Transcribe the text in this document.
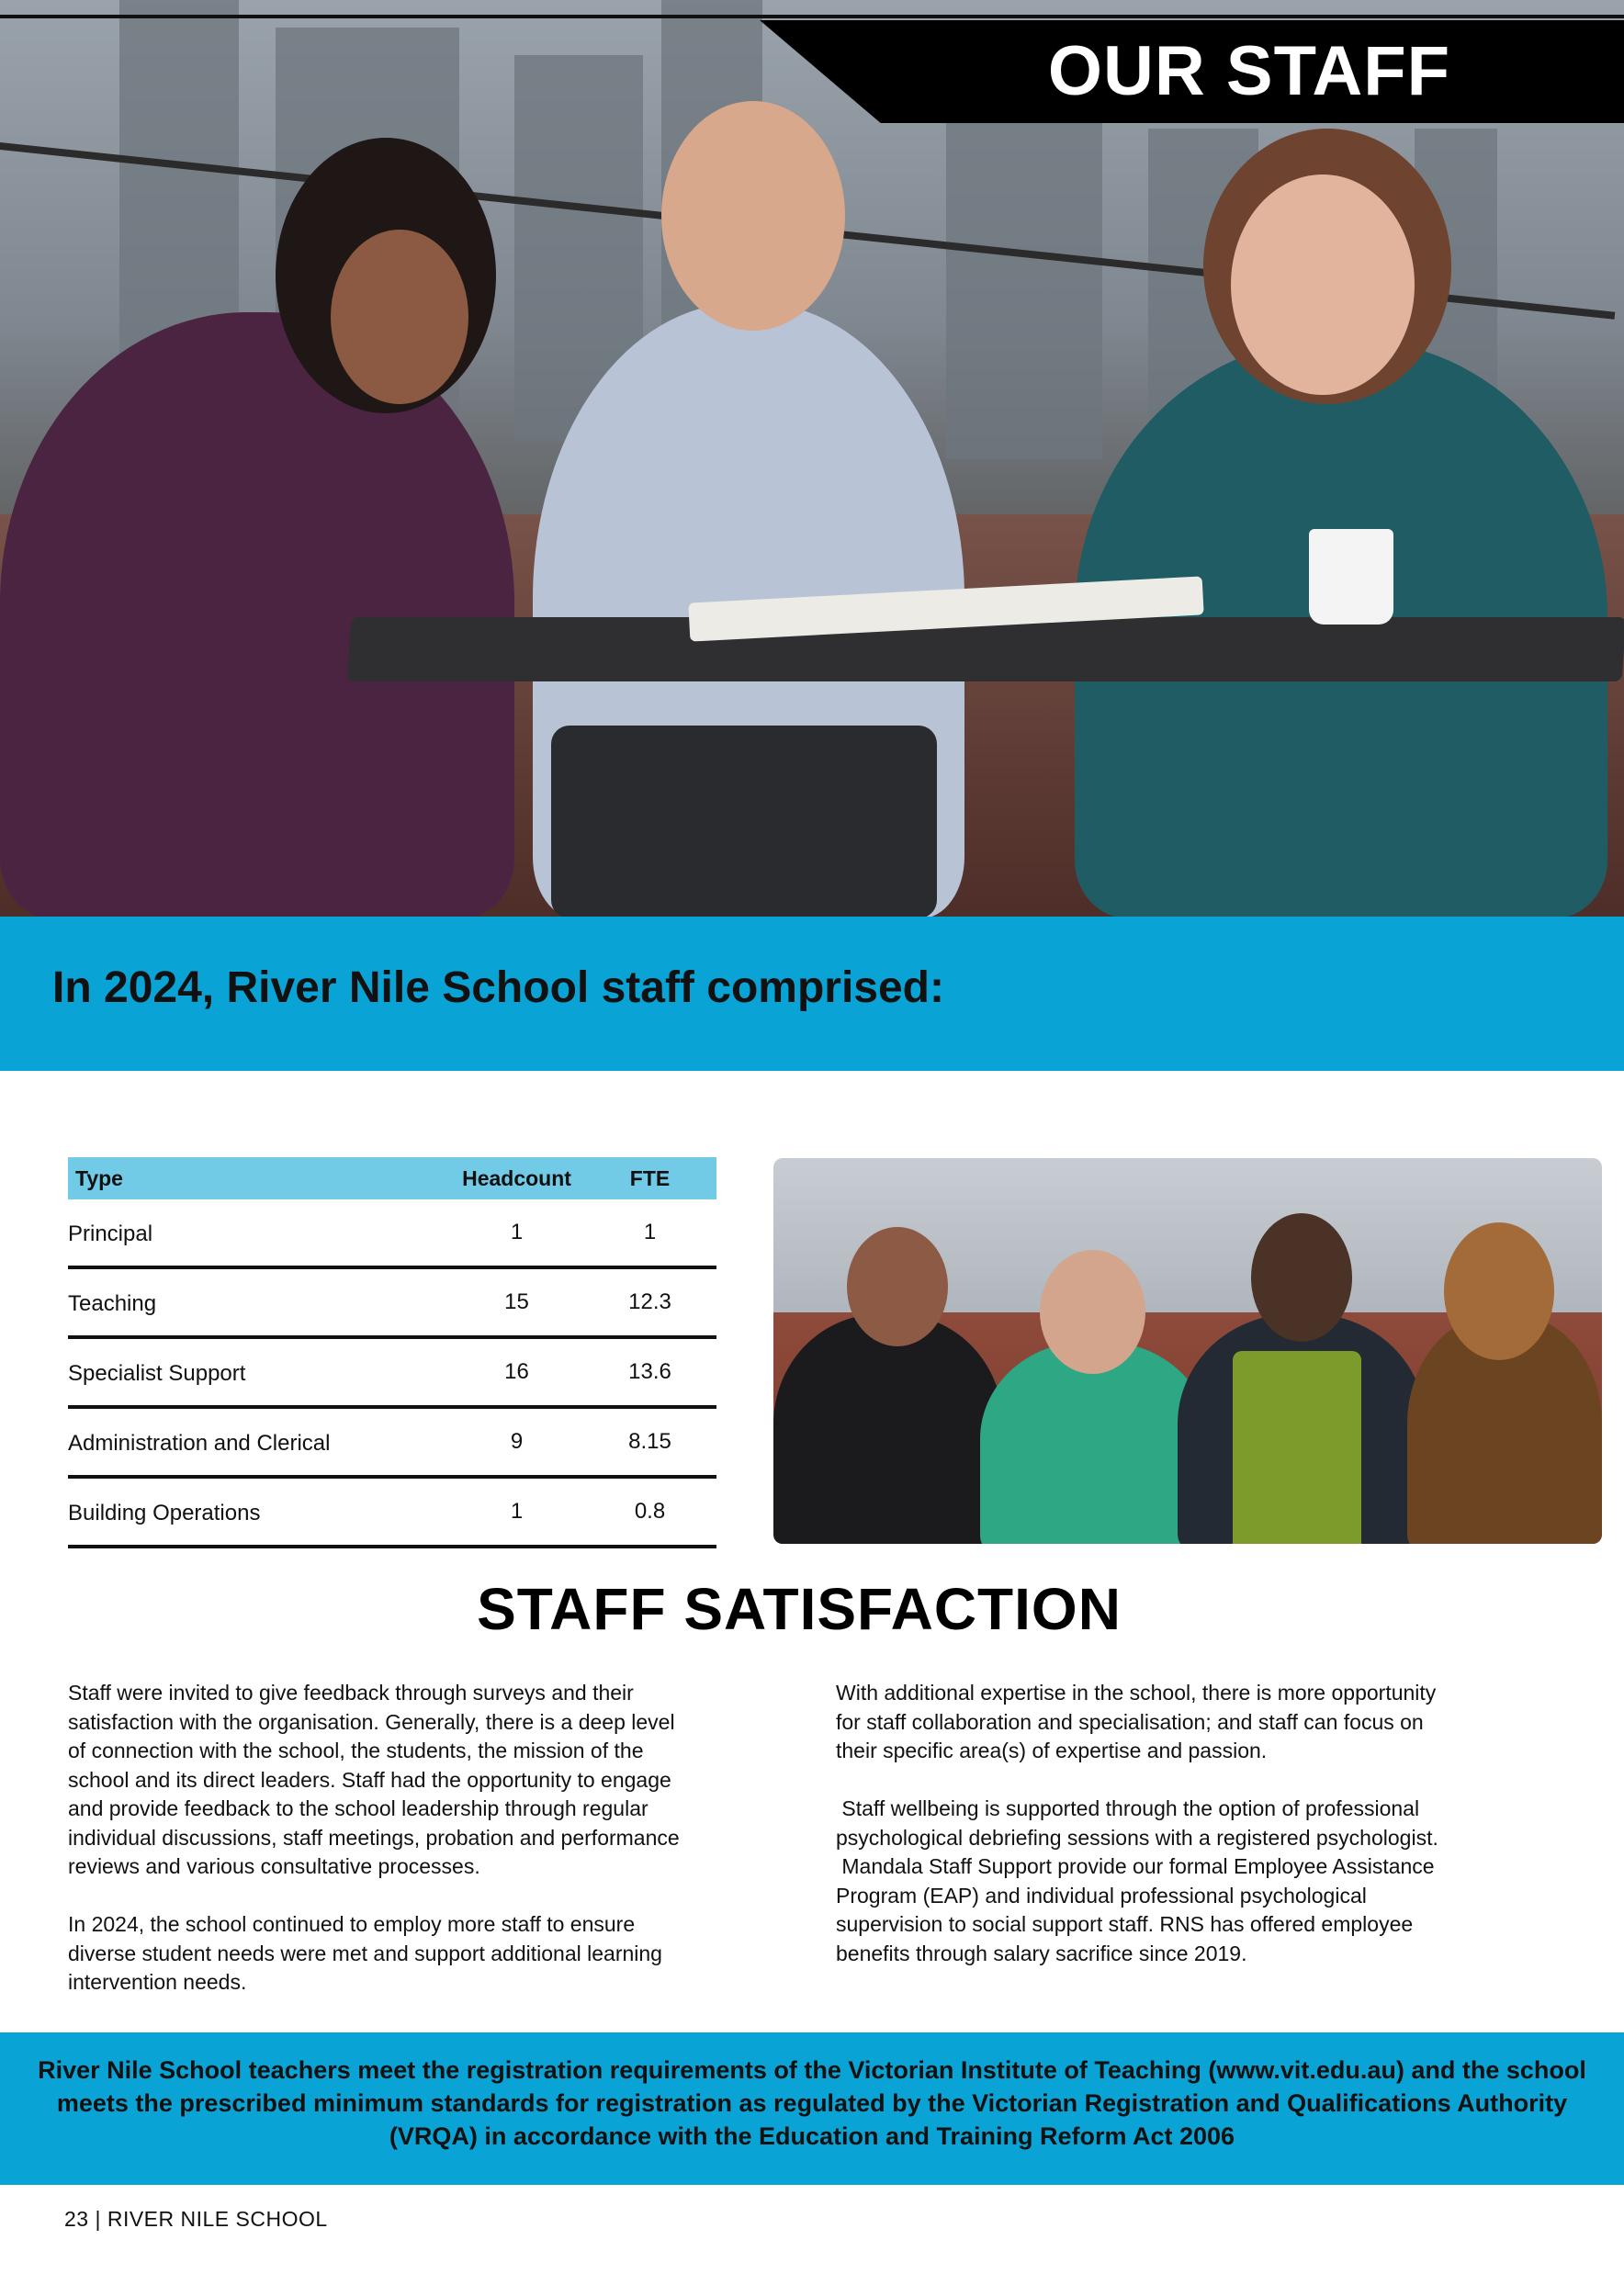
OUR STAFF
In 2024, River Nile School staff comprised:
Type	Headcount	FTE
Principal	1	1
Teaching	15	12.3
Specialist Support	16	13.6
Administration and Clerical	9	8.15
Building Operations	1	0.8
STAFF SATISFACTION
Staff were invited to give feedback through surveys and their
satisfaction with the organisation. Generally, there is a deep level
of connection with the school, the students, the mission of the
school and its direct leaders. Staff had the opportunity to engage
and provide feedback to the school leadership through regular
individual discussions, staff meetings, probation and performance
reviews and various consultative processes.

In 2024, the school continued to employ more staff to ensure
diverse student needs were met and support additional learning
intervention needs.
With additional expertise in the school, there is more opportunity
for staff collaboration and specialisation; and staff can focus on
their specific area(s) of expertise and passion.

Staff wellbeing is supported through the option of professional
psychological debriefing sessions with a registered psychologist.
Mandala Staff Support provide our formal Employee Assistance
Program (EAP) and individual professional psychological
supervision to social support staff. RNS has offered employee
benefits through salary sacrifice since 2019.
River Nile School teachers meet the registration requirements of the Victorian Institute of Teaching (www.vit.edu.au) and the school meets the prescribed minimum standards for registration as regulated by the Victorian Registration and Qualifications Authority (VRQA) in accordance with the Education and Training Reform Act 2006
23 | RIVER NILE SCHOOL
